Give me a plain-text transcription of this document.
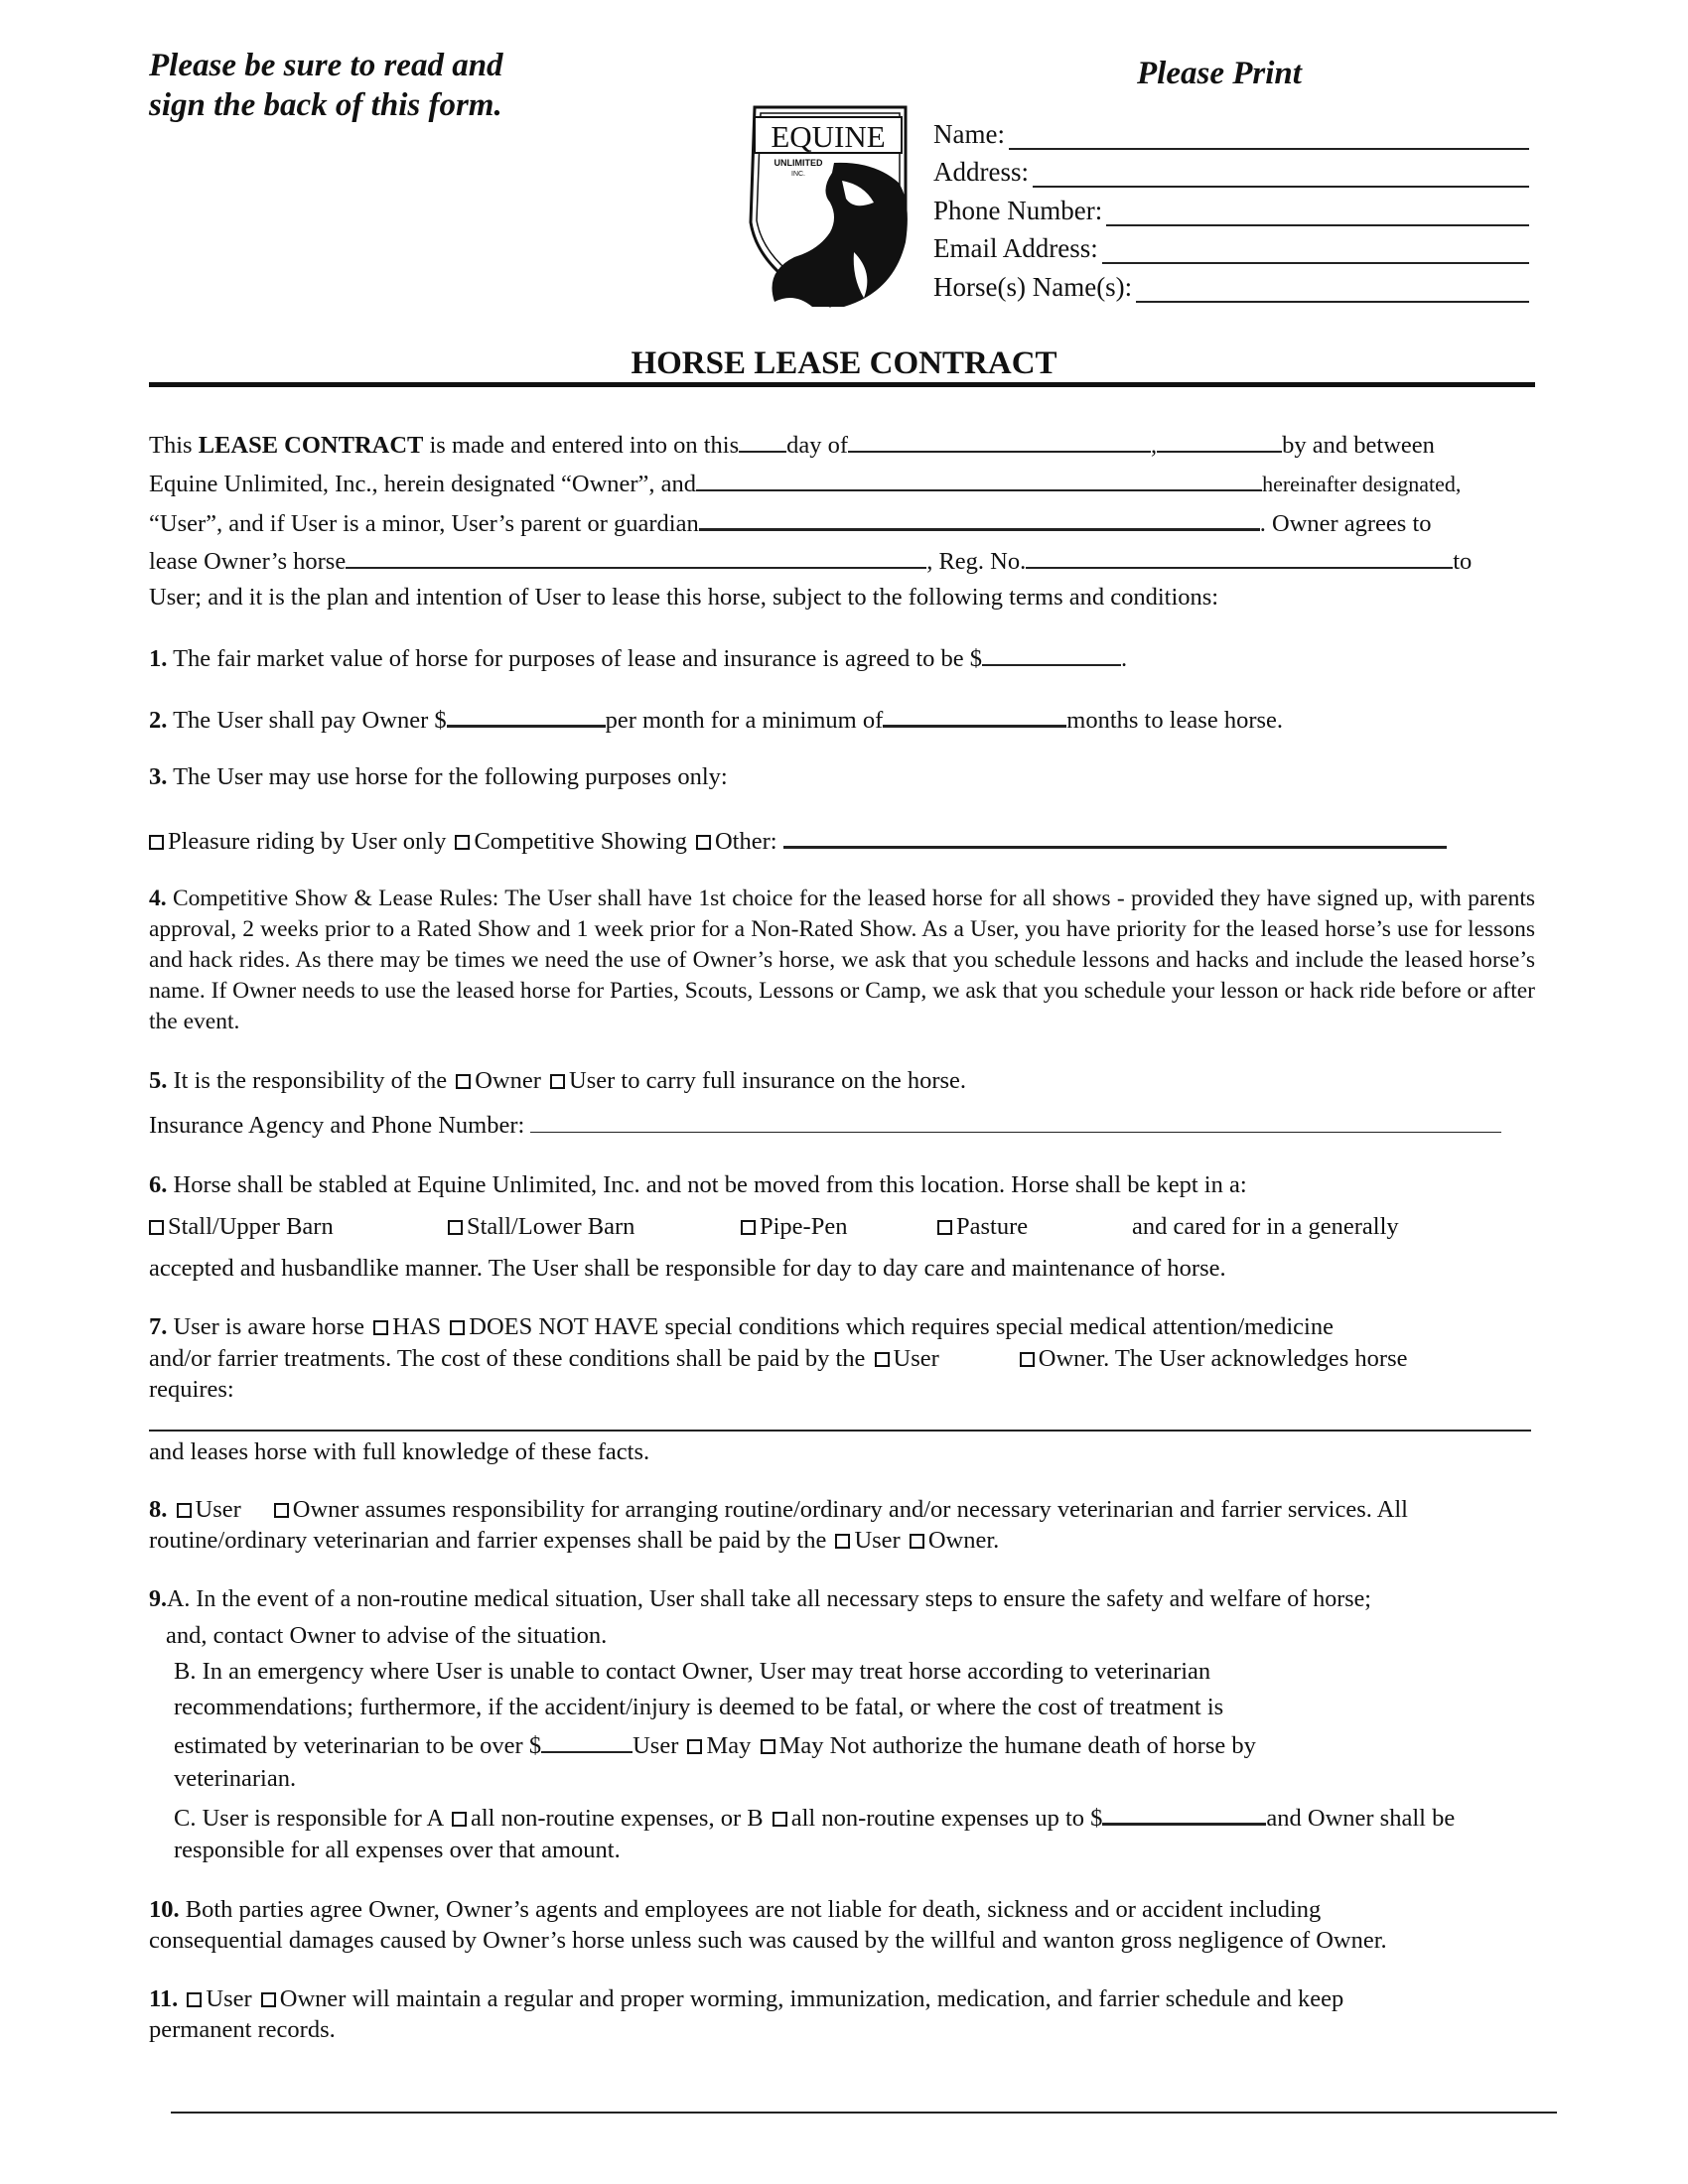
Please be sure to read and sign the back of this form.
Please Print
EQUINE
UNLIMITED
INC.
Name:
Address:
Phone Number:
Email Address:
Horse(s) Name(s):
HORSE LEASE CONTRACT
This LEASE CONTRACT is made and entered into on this day of	,	by and between
Equine Unlimited, Inc., herein designated “Owner”, and	hereinafter designated,
“User”, and if User is a minor, User’s parent or guardian	. Owner agrees to
lease Owner’s horse	, Reg. No.	to
User; and it is the plan and intention of User to lease this horse, subject to the following terms and conditions:
1. The fair market value of horse for purposes of lease and insurance is agreed to be $	.
2. The User shall pay Owner $	per month for a minimum of	months to lease horse.
3. The User may use horse for the following purposes only:
Pleasure riding by User only Competitive Showing Other:
4. Competitive Show & Lease Rules: The User shall have 1st choice for the leased horse for all shows - provided they have signed up, with parents approval, 2 weeks prior to a Rated Show and 1 week prior for a Non-Rated Show. As a User, you have priority for the leased horse’s use for lessons and hack rides. As there may be times we need the use of Owner’s horse, we ask that you schedule lessons and hacks and include the leased horse’s name. If Owner needs to use the leased horse for Parties, Scouts, Lessons or Camp, we ask that you schedule your lesson or hack ride before or after the event.
5. It is the responsibility of the Owner User to carry full insurance on the horse.
Insurance Agency and Phone Number:
6. Horse shall be stabled at Equine Unlimited, Inc. and not be moved from this location. Horse shall be kept in a:
Stall/Upper Barn	Stall/Lower Barn	Pipe-Pen	Pasture	and cared for in a generally
accepted and husbandlike manner. The User shall be responsible for day to day care and maintenance of horse.
7. User is aware horse HAS DOES NOT HAVE special conditions which requires special medical attention/medicine
and/or farrier treatments. The cost of these conditions shall be paid by the User	Owner. The User acknowledges horse
requires:
and leases horse with full knowledge of these facts.
8. User Owner assumes responsibility for arranging routine/ordinary and/or necessary veterinarian and farrier services. All
routine/ordinary veterinarian and farrier expenses shall be paid by the User Owner.
9.A. In the event of a non-routine medical situation, User shall take all necessary steps to ensure the safety and welfare of horse;
and, contact Owner to advise of the situation.
B. In an emergency where User is unable to contact Owner, User may treat horse according to veterinarian
recommendations; furthermore, if the accident/injury is deemed to be fatal, or where the cost of treatment is
estimated by veterinarian to be over $	User May May Not authorize the humane death of horse by
veterinarian.
C. User is responsible for A all non-routine expenses, or B all non-routine expenses up to $	and Owner shall be
responsible for all expenses over that amount.
10. Both parties agree Owner, Owner’s agents and employees are not liable for death, sickness and or accident including
consequential damages caused by Owner’s horse unless such was caused by the willful and wanton gross negligence of Owner.
11. User Owner will maintain a regular and proper worming, immunization, medication, and farrier schedule and keep
permanent records.
